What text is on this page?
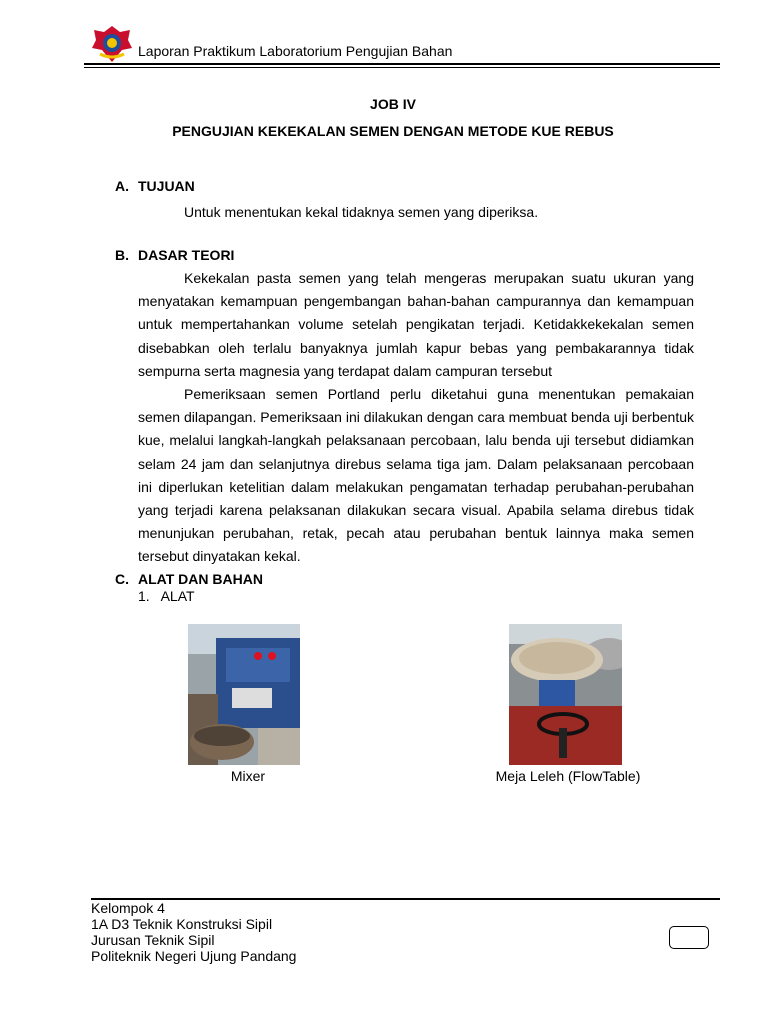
Laporan Praktikum Laboratorium Pengujian Bahan
JOB IV
PENGUJIAN KEKEKALAN SEMEN DENGAN METODE KUE REBUS
A. TUJUAN
Untuk menentukan kekal tidaknya semen yang diperiksa.
B. DASAR TEORI

Kekekalan pasta semen yang telah mengeras merupakan suatu ukuran yang menyatakan kemampuan pengembangan bahan-bahan campurannya dan kemampuan untuk mempertahankan volume setelah pengikatan terjadi. Ketidakkekekalan semen disebabkan oleh terlalu banyaknya jumlah kapur bebas yang pembakarannya tidak sempurna serta magnesia yang terdapat dalam campuran tersebut

Pemeriksaan semen Portland perlu diketahui guna menentukan pemakaian semen dilapangan. Pemeriksaan ini dilakukan dengan cara membuat benda uji berbentuk kue, melalui langkah-langkah pelaksanaan percobaan, lalu benda uji tersebut didiamkan selam 24 jam dan selanjutnya direbus selama tiga jam. Dalam pelaksanaan percobaan ini diperlukan ketelitian dalam melakukan pengamatan terhadap perubahan-perubahan yang terjadi karena pelaksanan dilakukan secara visual. Apabila selama direbus tidak menunjukan perubahan, retak, pecah atau perubahan bentuk lainnya maka semen tersebut dinyatakan kekal.

C. ALAT DAN BAHAN
1.   ALAT
Mixer	Meja Leleh (FlowTable)
Kelompok 4
1A D3 Teknik Konstruksi Sipil
Jurusan Teknik Sipil
Politeknik Negeri Ujung Pandang
